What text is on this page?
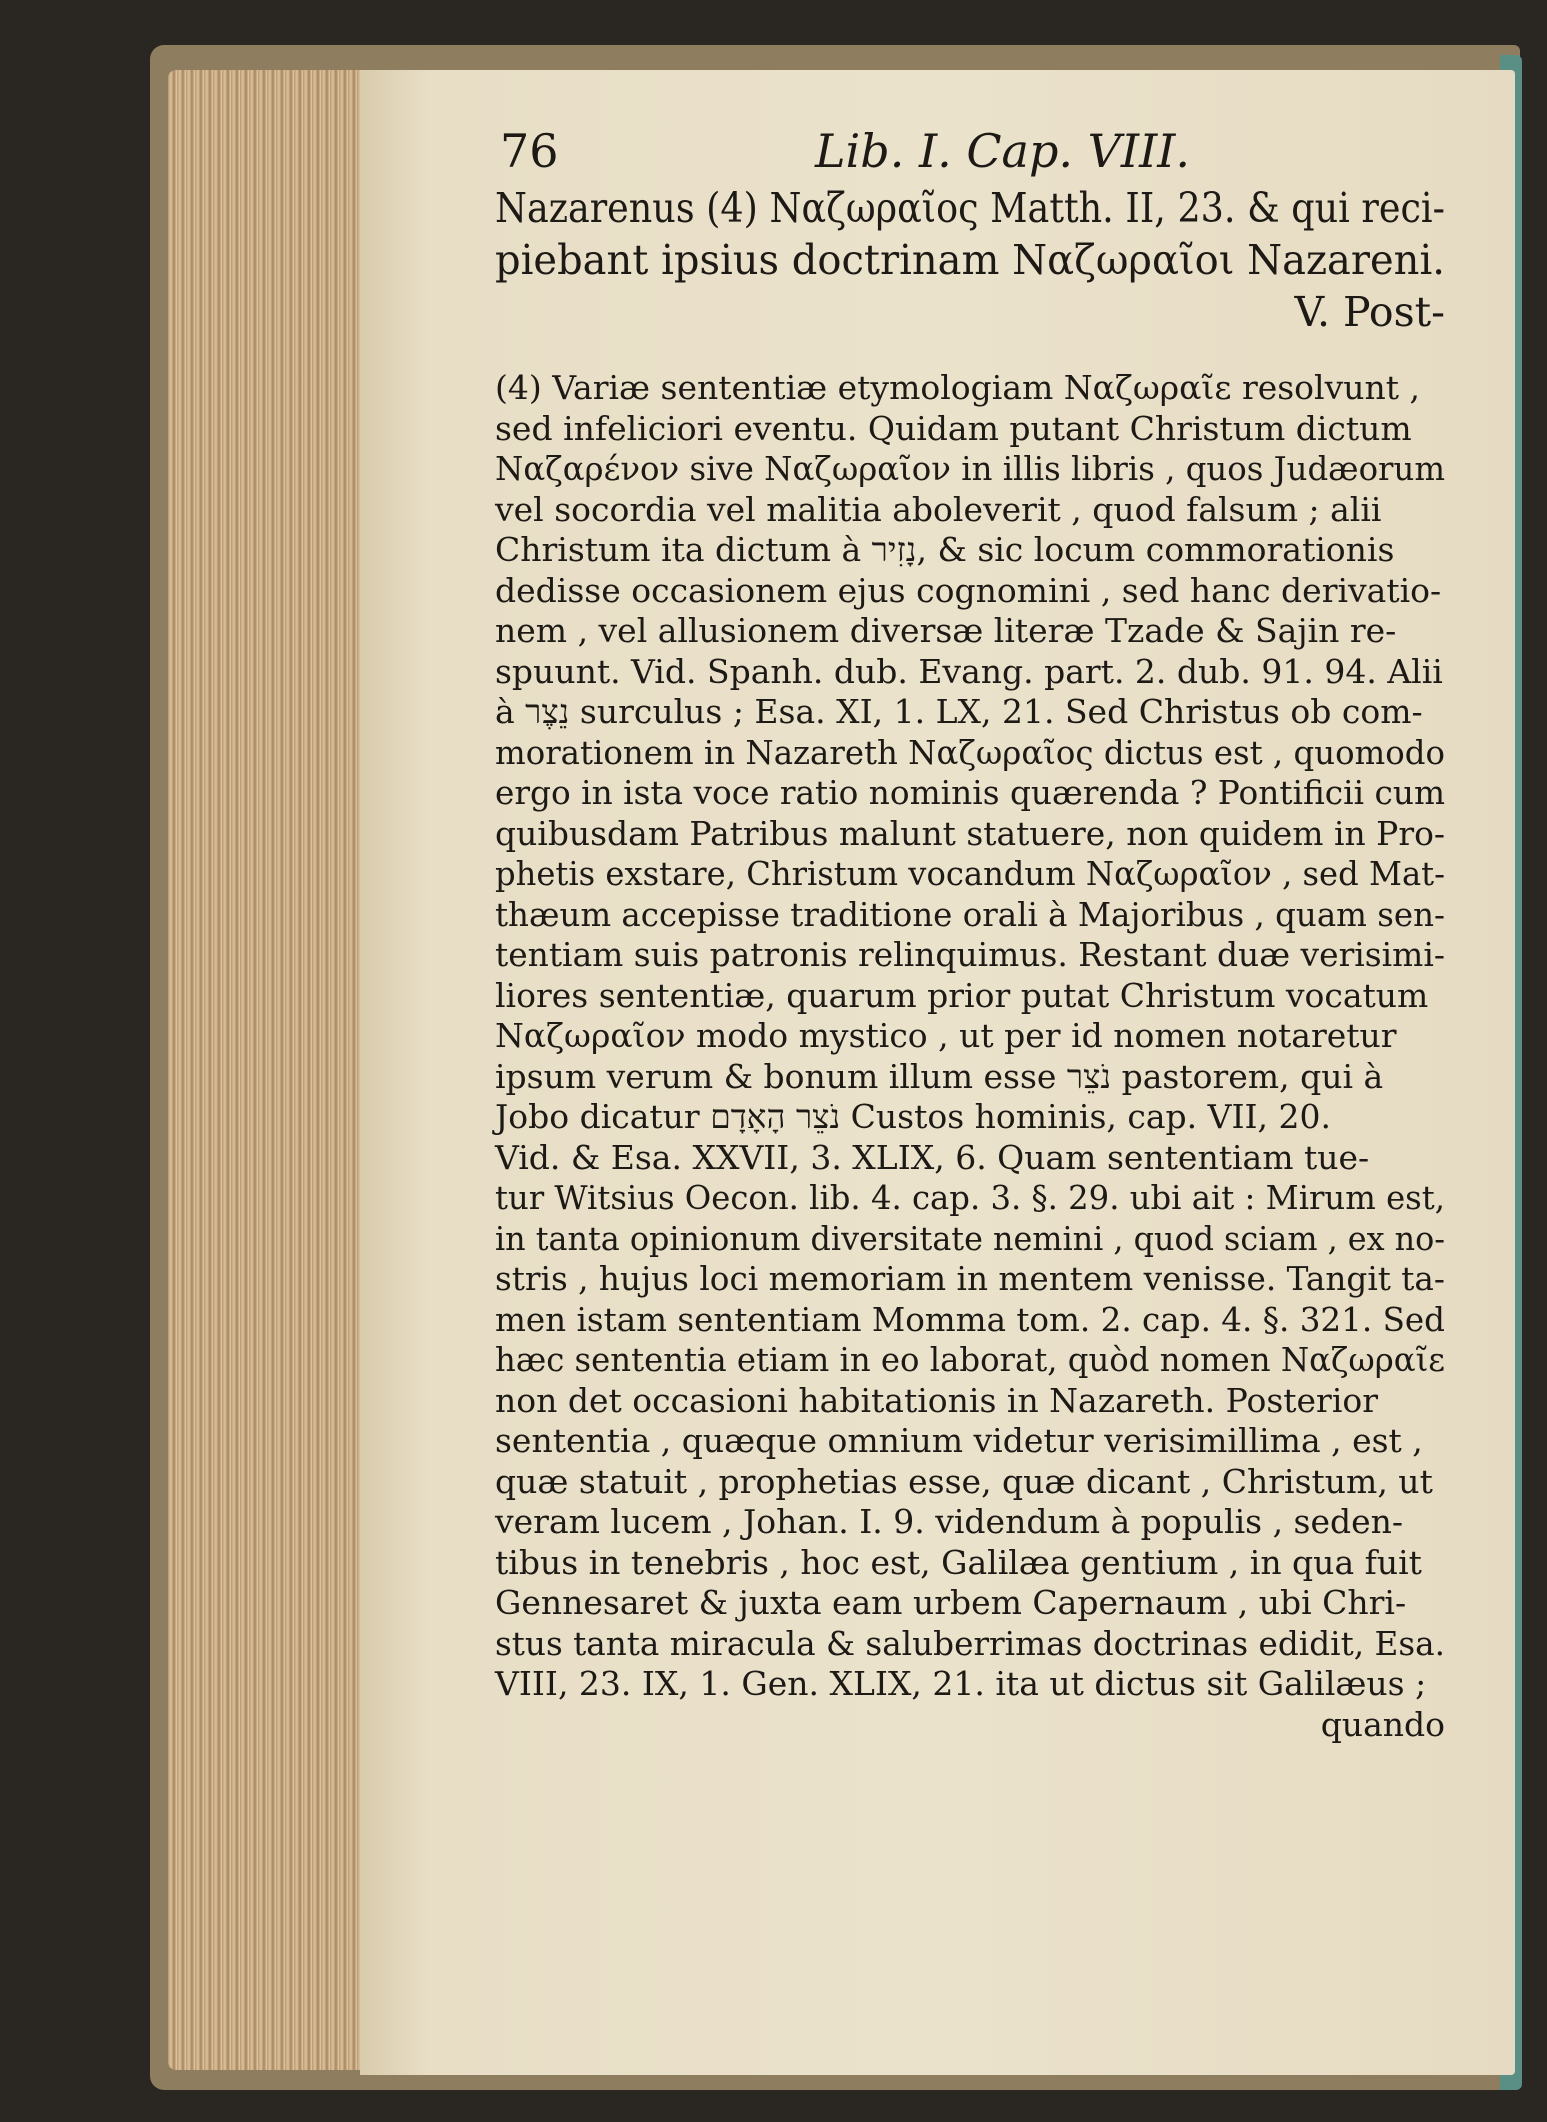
76	Lib. I. Cap. VIII.
Nazarenus (4) Ναζωραῖος Matth. II, 23. & qui reci-
piebant ipsius doctrinam Ναζωραῖοι Nazareni.
V. Post-
(4) Variæ sententiæ etymologiam Ναζωραῖε resolvunt ,
sed infeliciori eventu. Quidam putant Christum dictum
Ναζαρένον sive Ναζωραῖον in illis libris , quos Judæorum
vel socordia vel malitia aboleverit , quod falsum ; alii
Christum ita dictum à נָזִיר, & sic locum commorationis
dedisse occasionem ejus cognomini , sed hanc derivatio-
nem , vel allusionem diversæ literæ Tzade & Sajin re-
spuunt. Vid. Spanh. dub. Evang. part. 2. dub. 91. 94. Alii
à נֵצֶר surculus ; Esa. XI, 1. LX, 21. Sed Christus ob com-
morationem in Nazareth Ναζωραῖος dictus est , quomodo
ergo in ista voce ratio nominis quærenda ? Pontificii cum
quibusdam Patribus malunt statuere, non quidem in Pro-
phetis exstare, Christum vocandum Ναζωραῖον , sed Mat-
thæum accepisse traditione orali à Majoribus , quam sen-
tentiam suis patronis relinquimus. Restant duæ verisimi-
liores sententiæ, quarum prior putat Christum vocatum
Ναζωραῖον modo mystico , ut per id nomen notaretur
ipsum verum & bonum illum esse נֹצֵר pastorem, qui à
Jobo dicatur נֹצֵר הָאָדָם Custos hominis, cap. VII, 20.
Vid. & Esa. XXVII, 3. XLIX, 6. Quam sententiam tue-
tur Witsius Oecon. lib. 4. cap. 3. §. 29. ubi ait : Mirum est,
in tanta opinionum diversitate nemini , quod sciam , ex no-
stris , hujus loci memoriam in mentem venisse. Tangit ta-
men istam sententiam Momma tom. 2. cap. 4. §. 321. Sed
hæc sententia etiam in eo laborat, quòd nomen Ναζωραῖε
non det occasioni habitationis in Nazareth. Posterior
sententia , quæque omnium videtur verisimillima , est ,
quæ statuit , prophetias esse, quæ dicant , Christum, ut
veram lucem , Johan. I. 9. videndum à populis , seden-
tibus in tenebris , hoc est, Galilæa gentium , in qua fuit
Gennesaret & juxta eam urbem Capernaum , ubi Chri-
stus tanta miracula & saluberrimas doctrinas edidit, Esa.
VIII, 23. IX, 1. Gen. XLIX, 21. ita ut dictus sit Galilæus ;
quando
